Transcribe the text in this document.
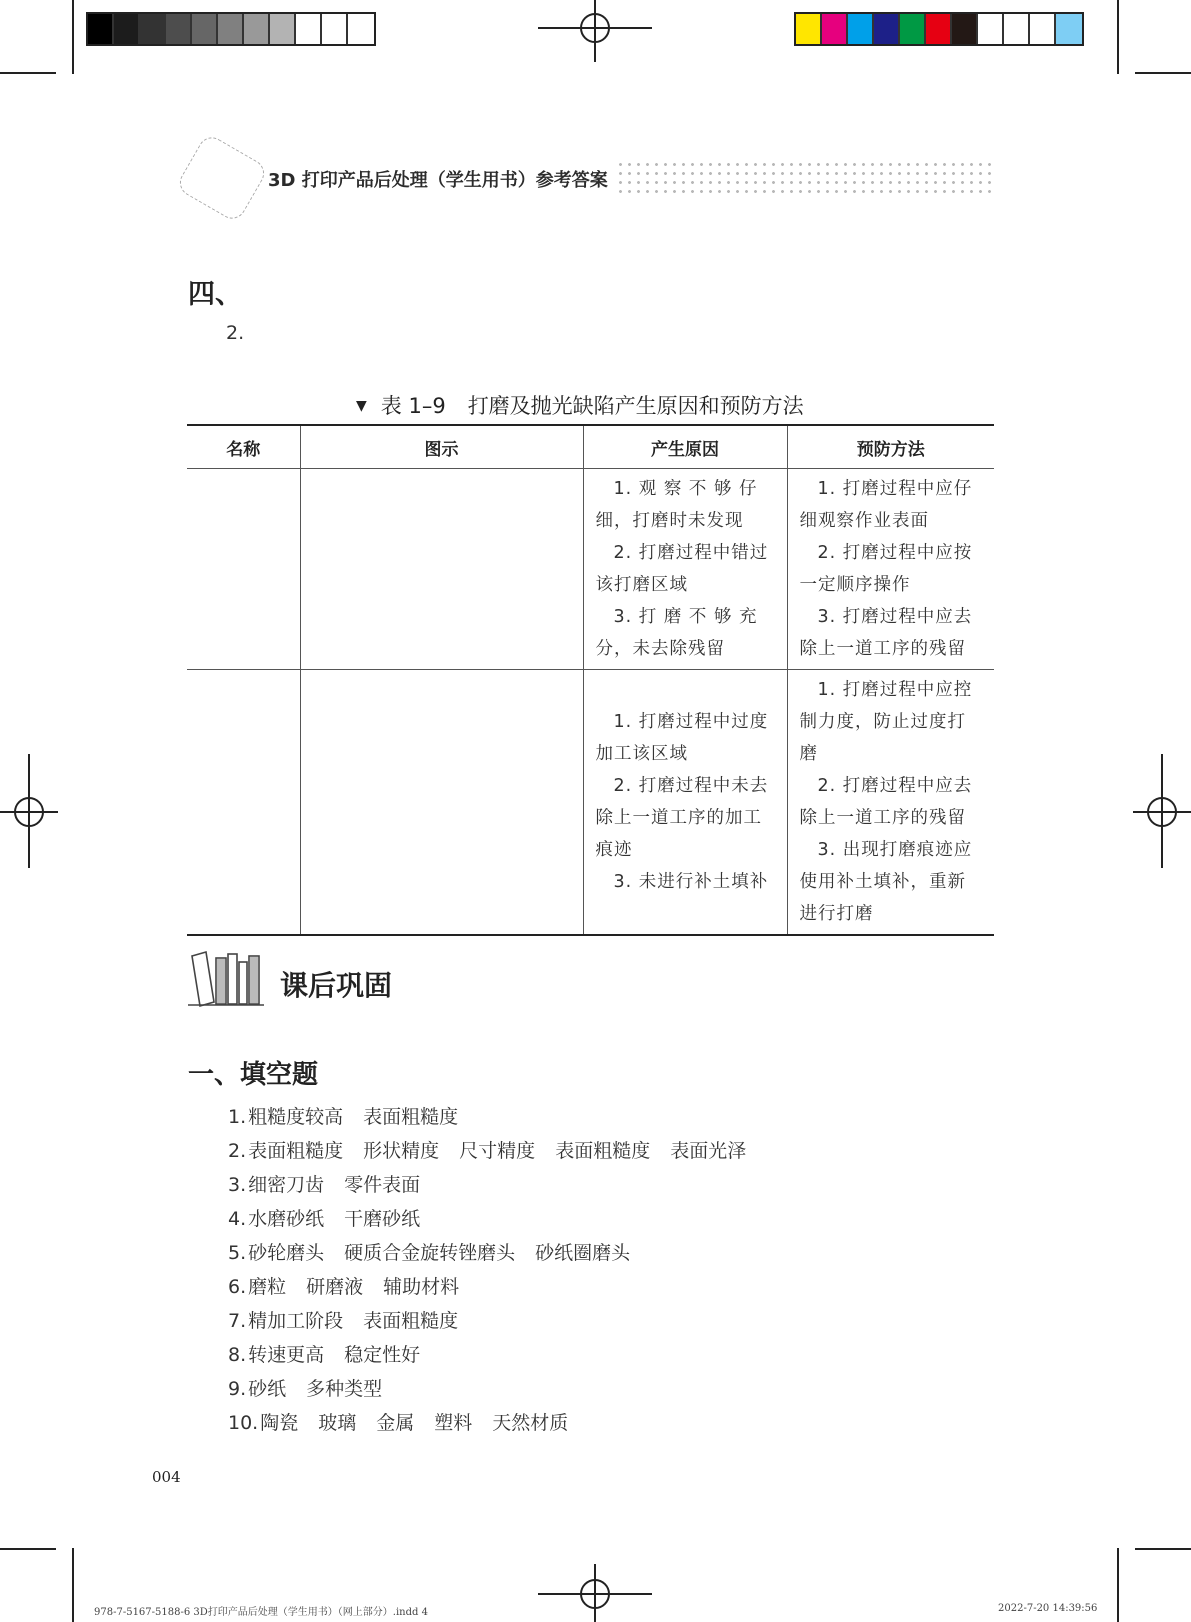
3D 打印产品后处理（学生用书）参考答案
四、
2.
▼ 表 1–9 打磨及抛光缺陷产生原因和预防方法
名称	图示	产生原因	预防方法

		1. 观 察 不 够 仔 细，打磨时未发现
2. 打磨过程中错过该打磨区域
3. 打 磨 不 够 充 分，未去除残留	1. 打磨过程中应仔细观察作业表面
2. 打磨过程中应按一定顺序操作
3. 打磨过程中应去除上一道工序的残留

		1. 打磨过程中过度加工该区域
2. 打磨过程中未去除上一道工序的加工痕迹
3. 未进行补土填补	1. 打磨过程中应控制力度，防止过度打磨
2. 打磨过程中应去除上一道工序的残留
3. 出现打磨痕迹应使用补土填补，重新进行打磨
课后巩固
一、填空题
1. 粗糙度较高 表面粗糙度
2. 表面粗糙度 形状精度 尺寸精度 表面粗糙度 表面光泽
3. 细密刀齿 零件表面
4. 水磨砂纸 干磨砂纸
5. 砂轮磨头 硬质合金旋转锉磨头 砂纸圈磨头
6. 磨粒 研磨液 辅助材料
7. 精加工阶段 表面粗糙度
8. 转速更高 稳定性好
9. 砂纸 多种类型
10. 陶瓷 玻璃 金属 塑料 天然材质
004
978-7-5167-5188-6 3D打印产品后处理（学生用书）（网上部分）.indd 4	2022-7-20 14:39:56
